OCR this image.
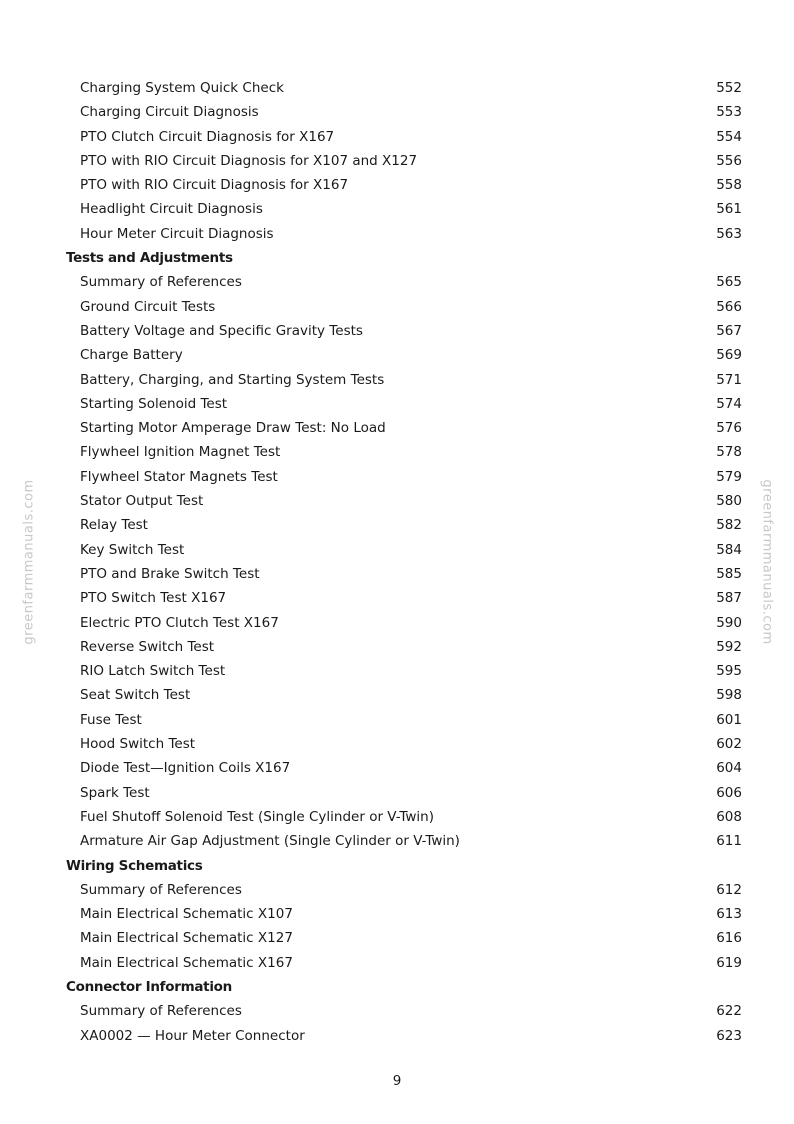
Charging System Quick Check	552
Charging Circuit Diagnosis	553
PTO Clutch Circuit Diagnosis for X167	554
PTO with RIO Circuit Diagnosis for X107 and X127	556
PTO with RIO Circuit Diagnosis for X167	558
Headlight Circuit Diagnosis	561
Hour Meter Circuit Diagnosis	563
Tests and Adjustments
Summary of References	565
Ground Circuit Tests	566
Battery Voltage and Specific Gravity Tests	567
Charge Battery	569
Battery, Charging, and Starting System Tests	571
Starting Solenoid Test	574
Starting Motor Amperage Draw Test: No Load	576
Flywheel Ignition Magnet Test	578
Flywheel Stator Magnets Test	579
Stator Output Test	580
Relay Test	582
Key Switch Test	584
PTO and Brake Switch Test	585
PTO Switch Test X167	587
Electric PTO Clutch Test X167	590
Reverse Switch Test	592
RIO Latch Switch Test	595
Seat Switch Test	598
Fuse Test	601
Hood Switch Test	602
Diode Test—Ignition Coils X167	604
Spark Test	606
Fuel Shutoff Solenoid Test (Single Cylinder or V-Twin)	608
Armature Air Gap Adjustment (Single Cylinder or V-Twin)	611
Wiring Schematics
Summary of References	612
Main Electrical Schematic X107	613
Main Electrical Schematic X127	616
Main Electrical Schematic X167	619
Connector Information
Summary of References	622
XA0002 — Hour Meter Connector	623
greenfarmmanuals.com	greenfarmmanuals.com
9
